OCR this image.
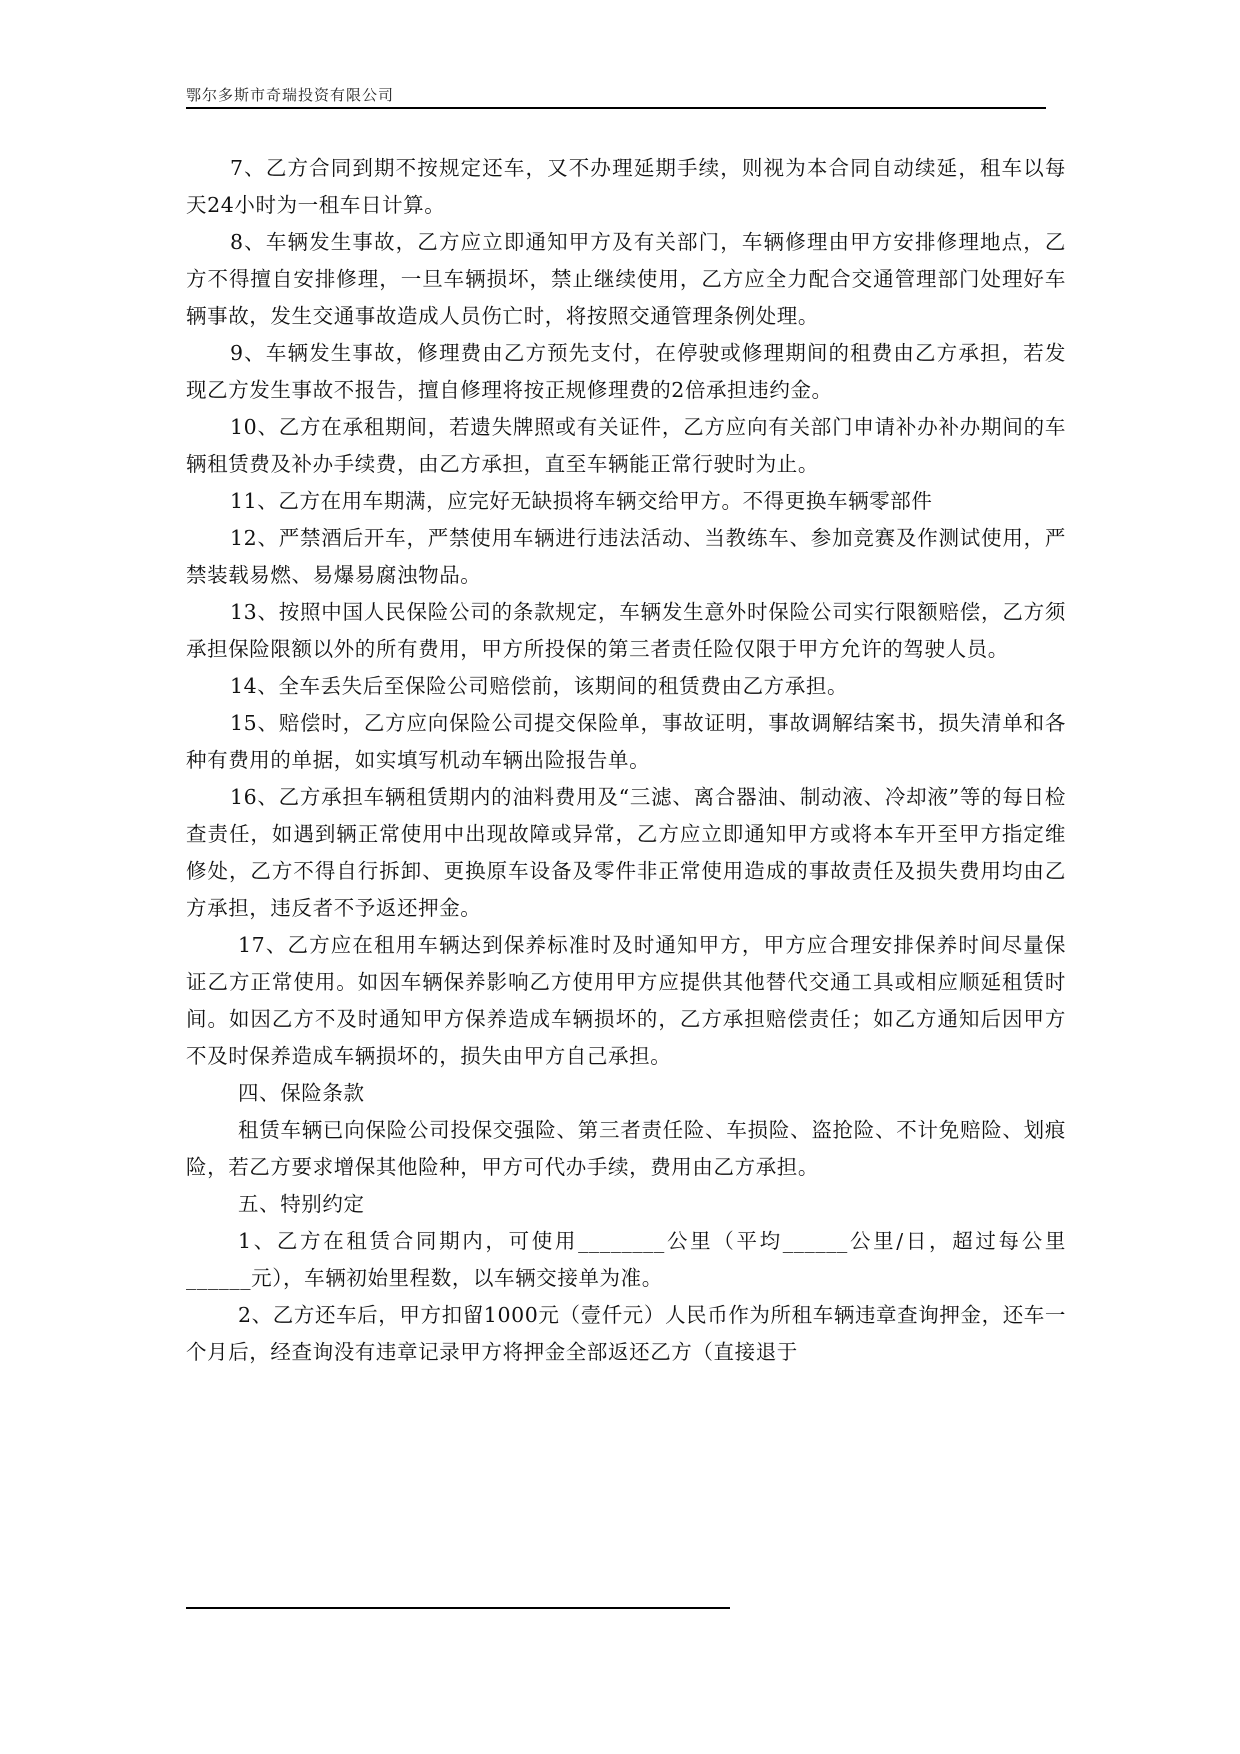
鄂尔多斯市奇瑞投资有限公司

7、乙方合同到期不按规定还车，又不办理延期手续，则视为本合同自动续延，租车以每天24小时为一租车日计算。

8、车辆发生事故，乙方应立即通知甲方及有关部门，车辆修理由甲方安排修理地点，乙方不得擅自安排修理，一旦车辆损坏，禁止继续使用，乙方应全力配合交通管理部门处理好车辆事故，发生交通事故造成人员伤亡时，将按照交通管理条例处理。

9、车辆发生事故，修理费由乙方预先支付，在停驶或修理期间的租费由乙方承担，若发现乙方发生事故不报告，擅自修理将按正规修理费的2倍承担违约金。

10、乙方在承租期间，若遗失牌照或有关证件，乙方应向有关部门申请补办补办期间的车辆租赁费及补办手续费，由乙方承担，直至车辆能正常行驶时为止。

11、乙方在用车期满，应完好无缺损将车辆交给甲方。不得更换车辆零部件

12、严禁酒后开车，严禁使用车辆进行违法活动、当教练车、参加竞赛及作测试使用，严禁装载易燃、易爆易腐浊物品。

13、按照中国人民保险公司的条款规定，车辆发生意外时保险公司实行限额赔偿，乙方须承担保险限额以外的所有费用，甲方所投保的第三者责任险仅限于甲方允许的驾驶人员。

14、全车丢失后至保险公司赔偿前，该期间的租赁费由乙方承担。

15、赔偿时，乙方应向保险公司提交保险单，事故证明，事故调解结案书，损失清单和各种有费用的单据，如实填写机动车辆出险报告单。

16、乙方承担车辆租赁期内的油料费用及“三滤、离合器油、制动液、冷却液”等的每日检查责任，如遇到辆正常使用中出现故障或异常，乙方应立即通知甲方或将本车开至甲方指定维修处，乙方不得自行拆卸、更换原车设备及零件非正常使用造成的事故责任及损失费用均由乙方承担，违反者不予返还押金。

17、乙方应在租用车辆达到保养标准时及时通知甲方，甲方应合理安排保养时间尽量保证乙方正常使用。如因车辆保养影响乙方使用甲方应提供其他替代交通工具或相应顺延租赁时间。如因乙方不及时通知甲方保养造成车辆损坏的，乙方承担赔偿责任；如乙方通知后因甲方不及时保养造成车辆损坏的，损失由甲方自己承担。

四、保险条款

租赁车辆已向保险公司投保交强险、第三者责任险、车损险、盗抢险、不计免赔险、划痕险，若乙方要求增保其他险种，甲方可代办手续，费用由乙方承担。

五、特别约定

1、乙方在租赁合同期内，可使用________公里（平均______公里/日，超过每公里______元），车辆初始里程数，以车辆交接单为准。

2、乙方还车后，甲方扣留1000元（壹仟元）人民币作为所租车辆违章查询押金，还车一个月后，经查询没有违章记录甲方将押金全部返还乙方（直接退于
